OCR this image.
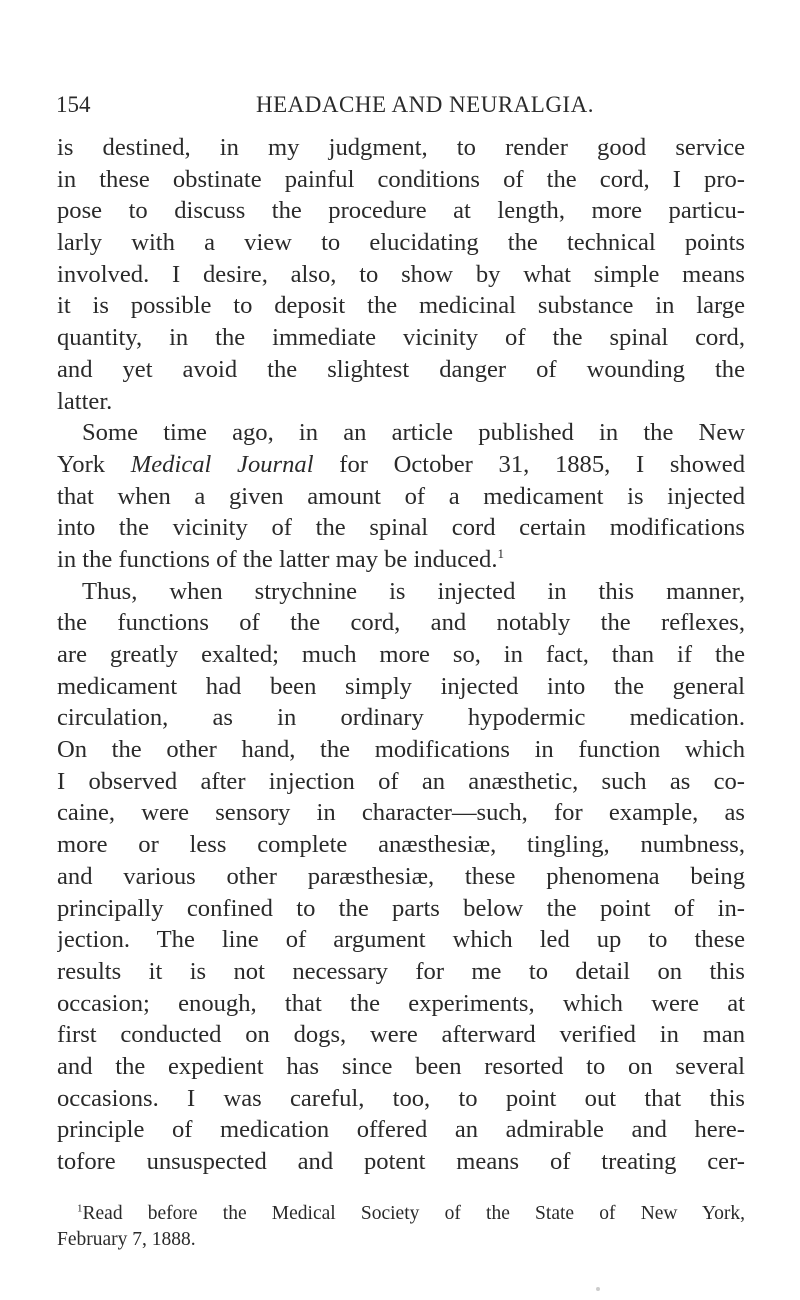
154	HEADACHE AND NEURALGIA.
is destined, in my judgment, to render good service
in these obstinate painful conditions of the cord, I pro-
pose to discuss the procedure at length, more particu-
larly with a view to elucidating the technical points
involved. I desire, also, to show by what simple means
it is possible to deposit the medicinal substance in large
quantity, in the immediate vicinity of the spinal cord,
and yet avoid the slightest danger of wounding the
latter.
Some time ago, in an article published in the New
York Medical Journal for October 31, 1885, I showed
that when a given amount of a medicament is injected
into the vicinity of the spinal cord certain modifications
in the functions of the latter may be induced.$^1$
Thus, when strychnine is injected in this manner,
the functions of the cord, and notably the reflexes,
are greatly exalted; much more so, in fact, than if the
medicament had been simply injected into the general
circulation, as in ordinary hypodermic medication.
On the other hand, the modifications in function which
I observed after injection of an anæsthetic, such as co-
caine, were sensory in character—such, for example, as
more or less complete anæsthesiæ, tingling, numbness,
and various other paræsthesiæ, these phenomena being
principally confined to the parts below the point of in-
jection. The line of argument which led up to these
results it is not necessary for me to detail on this
occasion; enough, that the experiments, which were at
first conducted on dogs, were afterward verified in man
and the expedient has since been resorted to on several
occasions. I was careful, too, to point out that this
principle of medication offered an admirable and here-
tofore unsuspected and potent means of treating cer-
$^1$Read before the Medical Society of the State of New York,
February 7, 1888.
